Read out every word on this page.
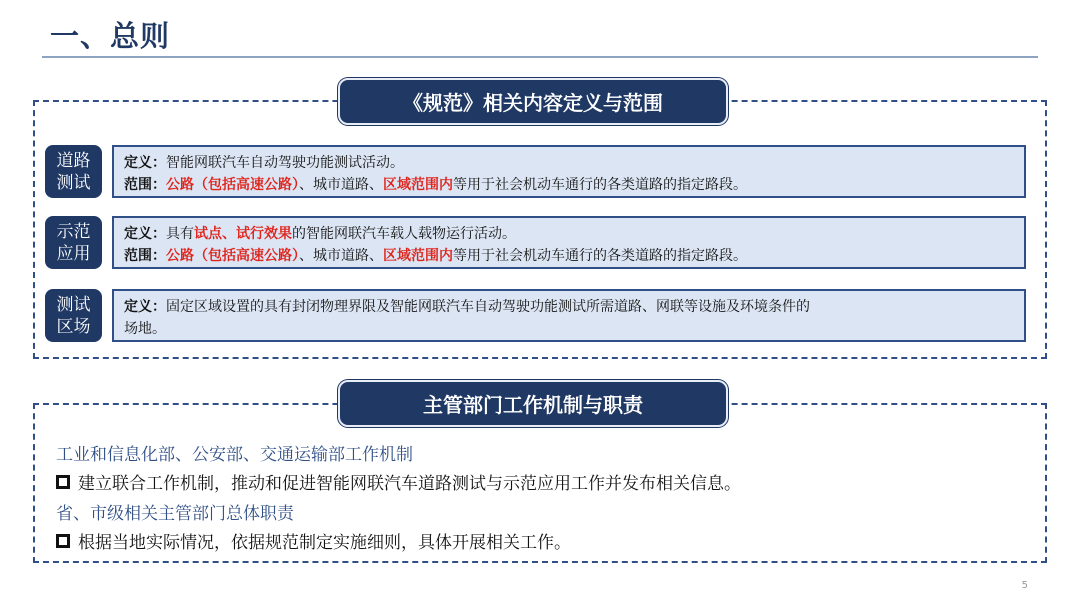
一、总则
《规范》相关内容定义与范围
道路
测试
定义：智能网联汽车自动驾驶功能测试活动。
范围：公路（包括高速公路）、城市道路、区域范围内等用于社会机动车通行的各类道路的指定路段。
示范
应用
定义：具有试点、试行效果的智能网联汽车载人载物运行活动。
范围：公路（包括高速公路）、城市道路、区域范围内等用于社会机动车通行的各类道路的指定路段。
测试
区场
定义：固定区域设置的具有封闭物理界限及智能网联汽车自动驾驶功能测试所需道路、网联等设施及环境条件的
场地。
主管部门工作机制与职责
工业和信息化部、公安部、交通运输部工作机制
建立联合工作机制，推动和促进智能网联汽车道路测试与示范应用工作并发布相关信息。
省、市级相关主管部门总体职责
根据当地实际情况，依据规范制定实施细则，具体开展相关工作。
5
